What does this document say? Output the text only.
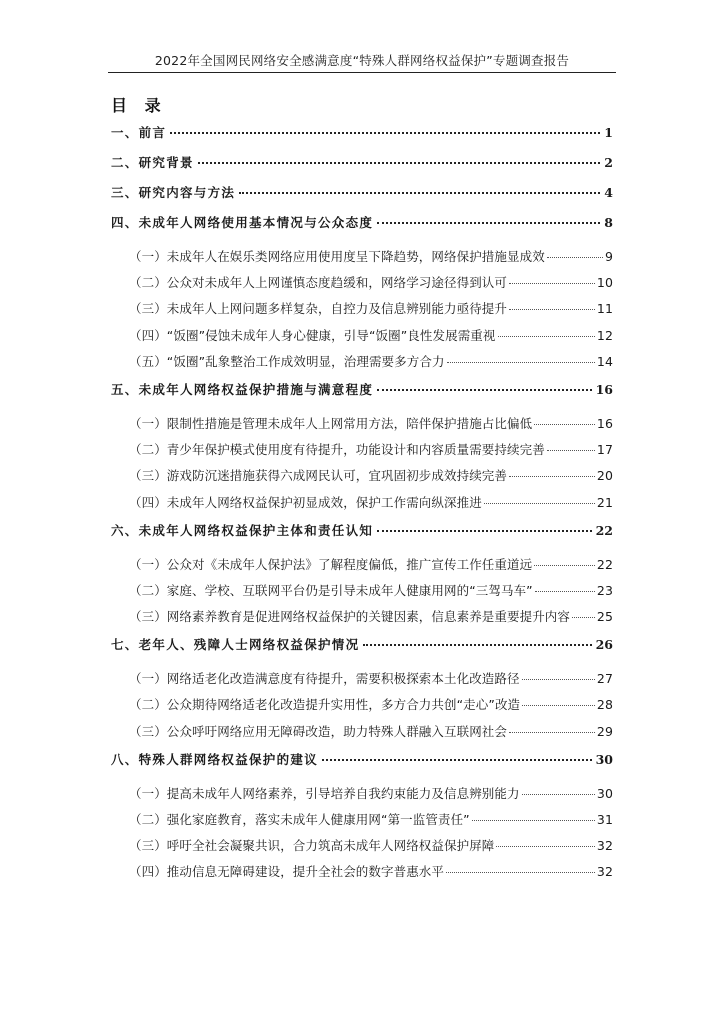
2022年全国网民网络安全感满意度“特殊人群网络权益保护”专题调查报告
目 录
一、前言	1
二、研究背景	2
三、研究内容与方法	4
四、未成年人网络使用基本情况与公众态度	8
（一）未成年人在娱乐类网络应用使用度呈下降趋势，网络保护措施显成效	9
（二）公众对未成年人上网谨慎态度趋缓和，网络学习途径得到认可	10
（三）未成年人上网问题多样复杂，自控力及信息辨别能力亟待提升	11
（四）“饭圈”侵蚀未成年人身心健康，引导“饭圈”良性发展需重视	12
（五）“饭圈”乱象整治工作成效明显，治理需要多方合力	14
五、未成年人网络权益保护措施与满意程度	16
（一）限制性措施是管理未成年人上网常用方法，陪伴保护措施占比偏低	16
（二）青少年保护模式使用度有待提升，功能设计和内容质量需要持续完善	17
（三）游戏防沉迷措施获得六成网民认可，宜巩固初步成效持续完善	20
（四）未成年人网络权益保护初显成效，保护工作需向纵深推进	21
六、未成年人网络权益保护主体和责任认知	22
（一）公众对《未成年人保护法》了解程度偏低，推广宣传工作任重道远	22
（二）家庭、学校、互联网平台仍是引导未成年人健康用网的“三驾马车”	23
（三）网络素养教育是促进网络权益保护的关键因素，信息素养是重要提升内容 25
七、老年人、残障人士网络权益保护情况	26
（一）网络适老化改造满意度有待提升，需要积极探索本土化改造路径	27
（二）公众期待网络适老化改造提升实用性，多方合力共创“走心”改造	28
（三）公众呼吁网络应用无障碍改造，助力特殊人群融入互联网社会	29
八、特殊人群网络权益保护的建议	30
（一）提高未成年人网络素养，引导培养自我约束能力及信息辨别能力	30
（二）强化家庭教育，落实未成年人健康用网“第一监管责任”	31
（三）呼吁全社会凝聚共识，合力筑高未成年人网络权益保护屏障	32
（四）推动信息无障碍建设，提升全社会的数字普惠水平	32
